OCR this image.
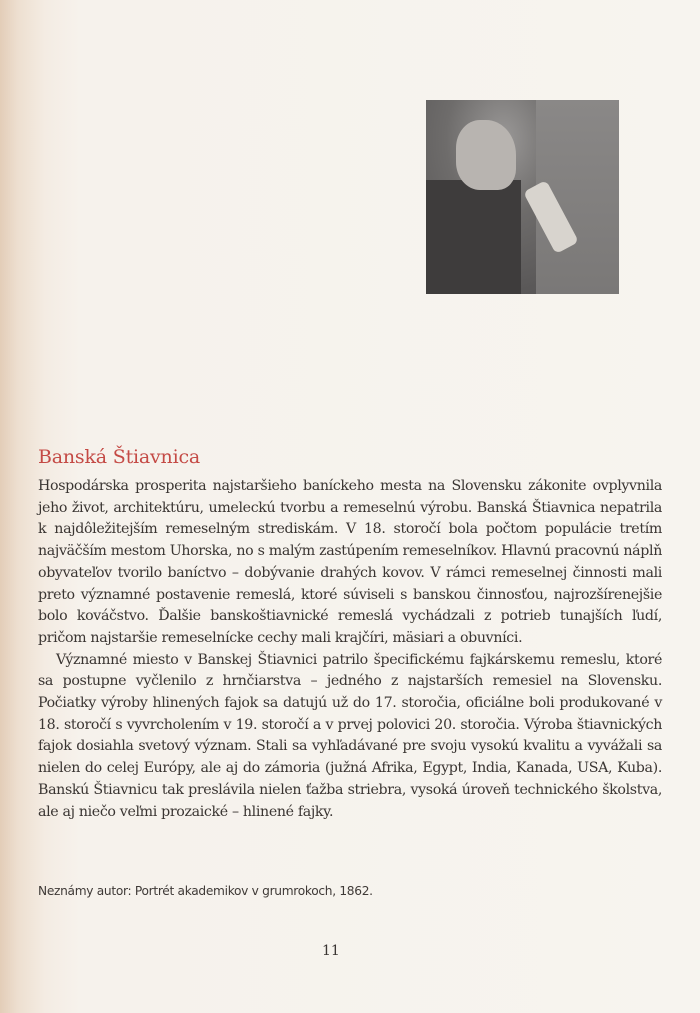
Banská Štiavnica

Hospodárska prosperita najstaršieho baníckeho mesta na Slovensku zákonite ovplyvnila jeho život, architektúru, umeleckú tvorbu a remeselnú výrobu. Banská Štiavnica nepatrila k najdôležitejším remeselným strediskám. V 18. storočí bola počtom populácie tretím najväčším mestom Uhorska, no s malým zastúpením remeselníkov. Hlavnú pracovnú náplň obyvateľov tvorilo baníctvo – dobývanie drahých kovov. V rámci remeselnej činnosti mali preto významné postavenie remeslá, ktoré súviseli s banskou činnosťou, najrozšírenejšie bolo kováčstvo. Ďalšie banskoštiavnické remeslá vychádzali z potrieb tunajších ľudí, pričom najstaršie remeselnícke cechy mali krajčíri, mäsiari a obuvníci.

Významné miesto v Banskej Štiavnici patrilo špecifickému fajkárskemu remeslu, ktoré sa postupne vyčlenilo z hrnčiarstva – jedného z najstarších remesiel na Slovensku. Počiatky výroby hlinených fajok sa datujú už do 17. storočia, oficiálne boli produkované v 18. storočí s vyvrcholením v 19. storočí a v prvej polovici 20. storočia. Výroba štiavnických fajok dosiahla svetový význam. Stali sa vyhľadávané pre svoju vysokú kvalitu a vyvážali sa nielen do celej Európy, ale aj do zámoria (južná Afrika, Egypt, India, Kanada, USA, Kuba). Banskú Štiavnicu tak preslávila nielen ťažba striebra, vysoká úroveň technického školstva, ale aj niečo veľmi prozaické – hlinené fajky.

Neznámy autor: Portrét akademikov v grumrokoch, 1862.
11
